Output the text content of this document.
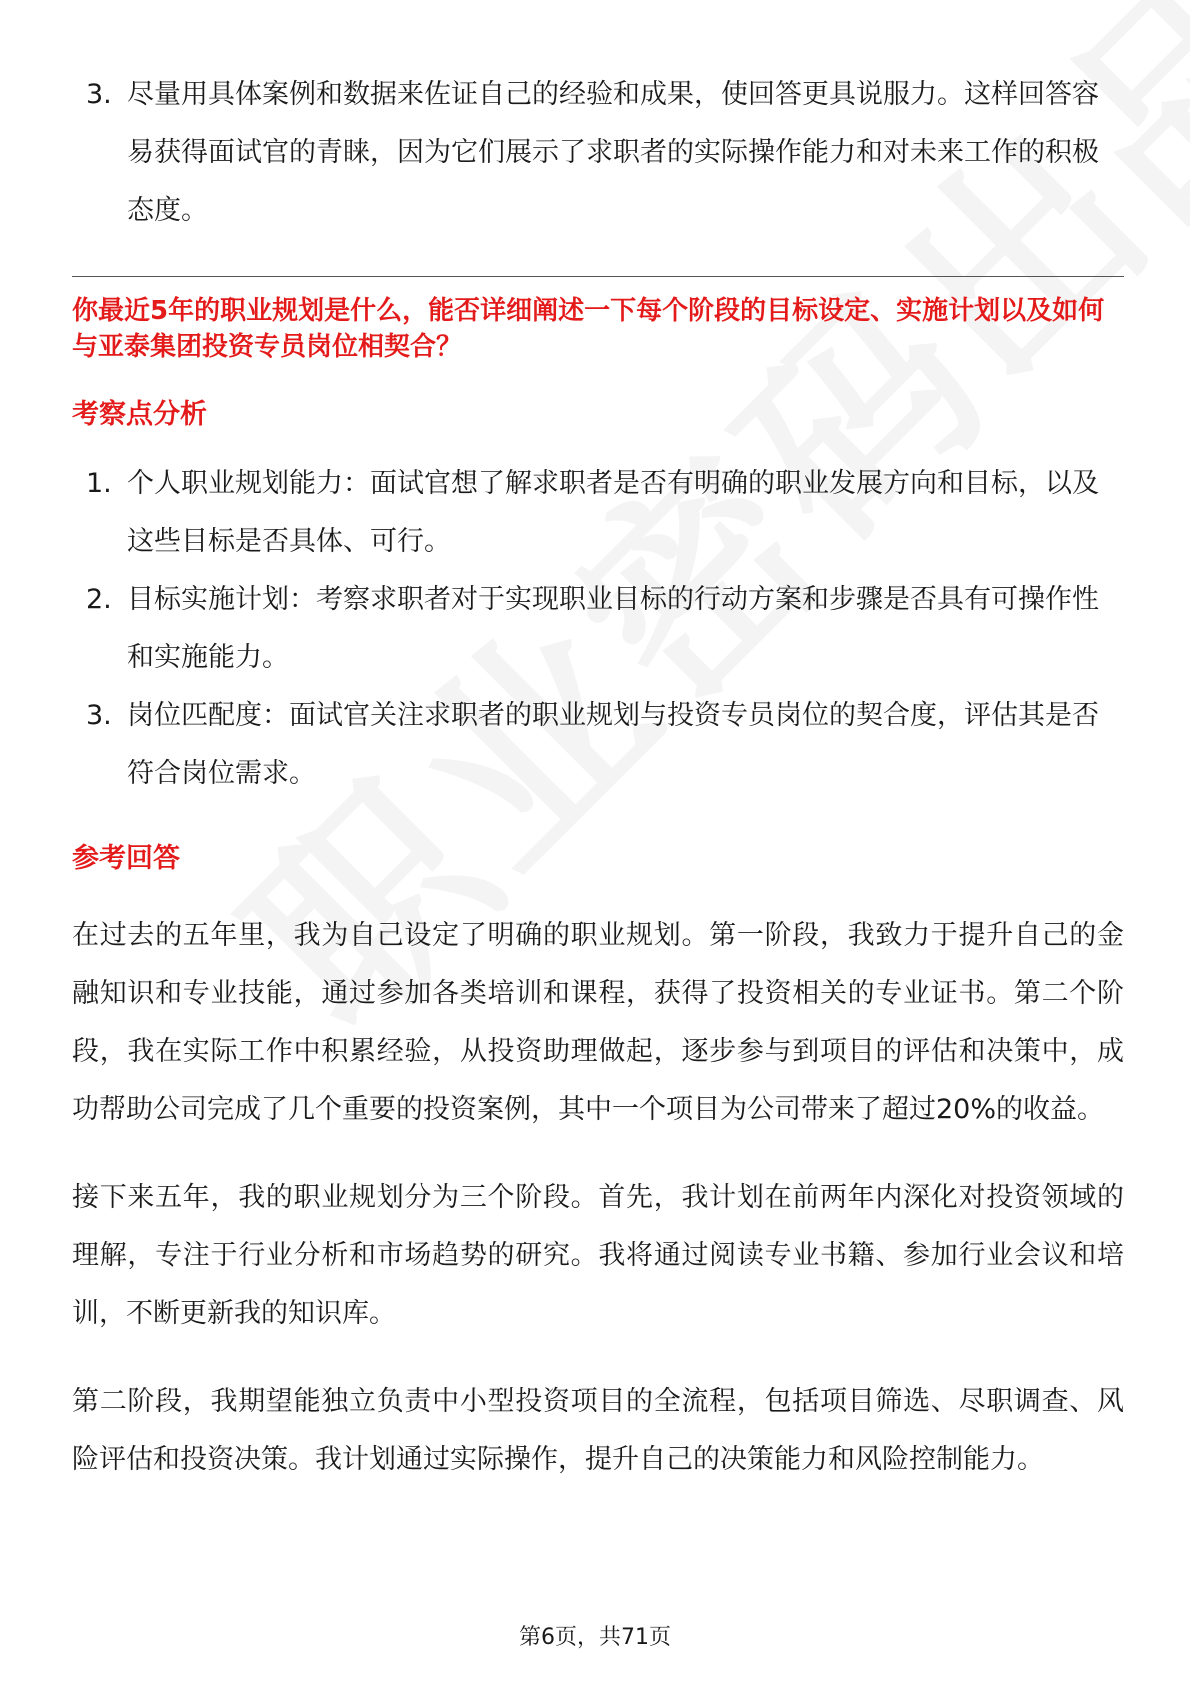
3. 尽量用具体案例和数据来佐证自己的经验和成果，使回答更具说服力。这样回答容易获得面试官的青睐，因为它们展示了求职者的实际操作能力和对未来工作的积极态度。

你最近5年的职业规划是什么，能否详细阐述一下每个阶段的目标设定、实施计划以及如何与亚泰集团投资专员岗位相契合？

考察点分析
1. 个人职业规划能力：面试官想了解求职者是否有明确的职业发展方向和目标，以及这些目标是否具体、可行。
2. 目标实施计划：考察求职者对于实现职业目标的行动方案和步骤是否具有可操作性和实施能力。
3. 岗位匹配度：面试官关注求职者的职业规划与投资专员岗位的契合度，评估其是否符合岗位需求。
参考回答

在过去的五年里，我为自己设定了明确的职业规划。第一阶段，我致力于提升自己的金融知识和专业技能，通过参加各类培训和课程，获得了投资相关的专业证书。第二个阶段，我在实际工作中积累经验，从投资助理做起，逐步参与到项目的评估和决策中，成功帮助公司完成了几个重要的投资案例，其中一个项目为公司带来了超过20%的收益。

接下来五年，我的职业规划分为三个阶段。首先，我计划在前两年内深化对投资领域的理解，专注于行业分析和市场趋势的研究。我将通过阅读专业书籍、参加行业会议和培训，不断更新我的知识库。

第二阶段，我期望能独立负责中小型投资项目的全流程，包括项目筛选、尽职调查、风险评估和投资决策。我计划通过实际操作，提升自己的决策能力和风险控制能力。

第6页，共71页
